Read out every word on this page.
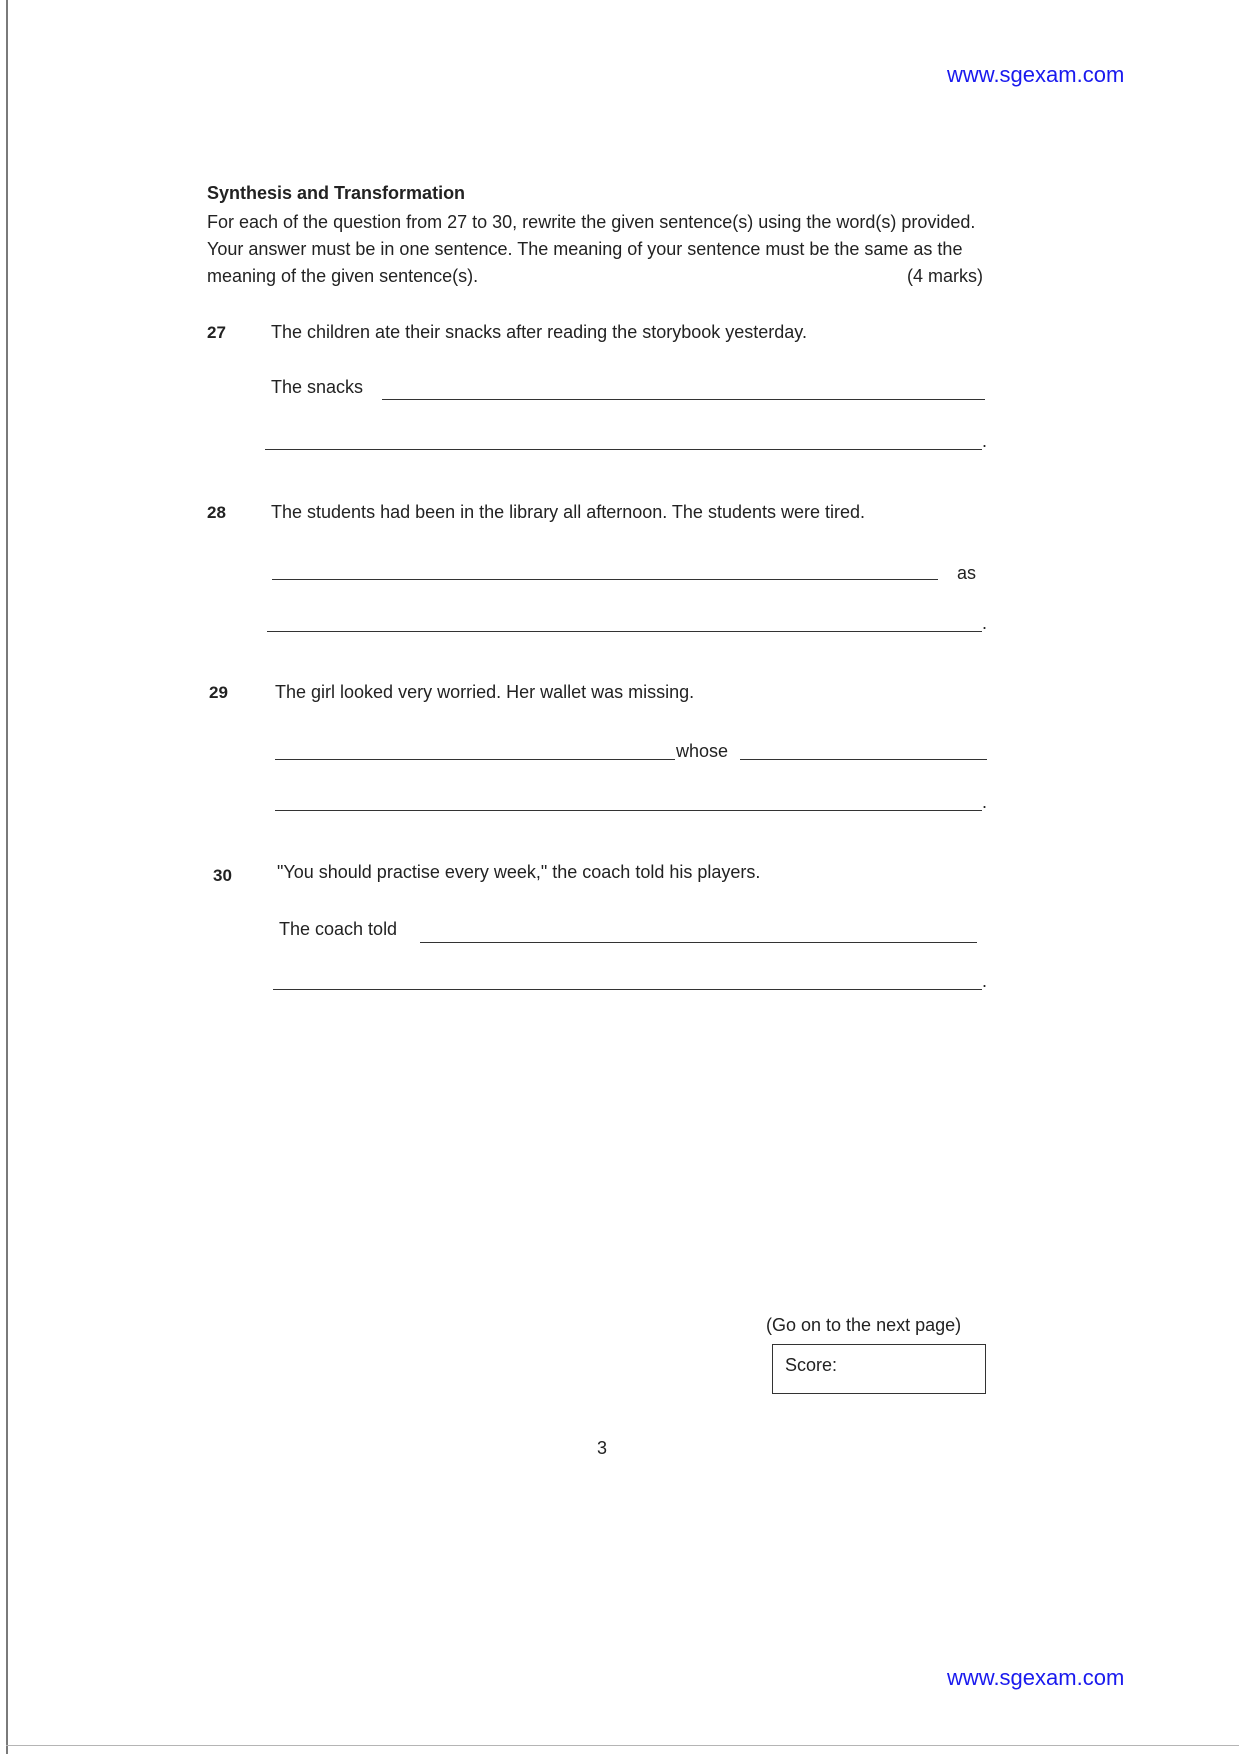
www.sgexam.com
Synthesis and Transformation
For each of the question from 27 to 30, rewrite the given sentence(s) using the word(s) provided. Your answer must be in one sentence. The meaning of your sentence must be the same as the meaning of the given sentence(s).	(4 marks)
27	The children ate their snacks after reading the storybook yesterday.
The snacks
.
28	The students had been in the library all afternoon. The students were tired.
as
.
29	The girl looked very worried. Her wallet was missing.
whose
.
30	"You should practise every week," the coach told his players.
The coach told
.
(Go on to the next page)
Score:
3
www.sgexam.com
